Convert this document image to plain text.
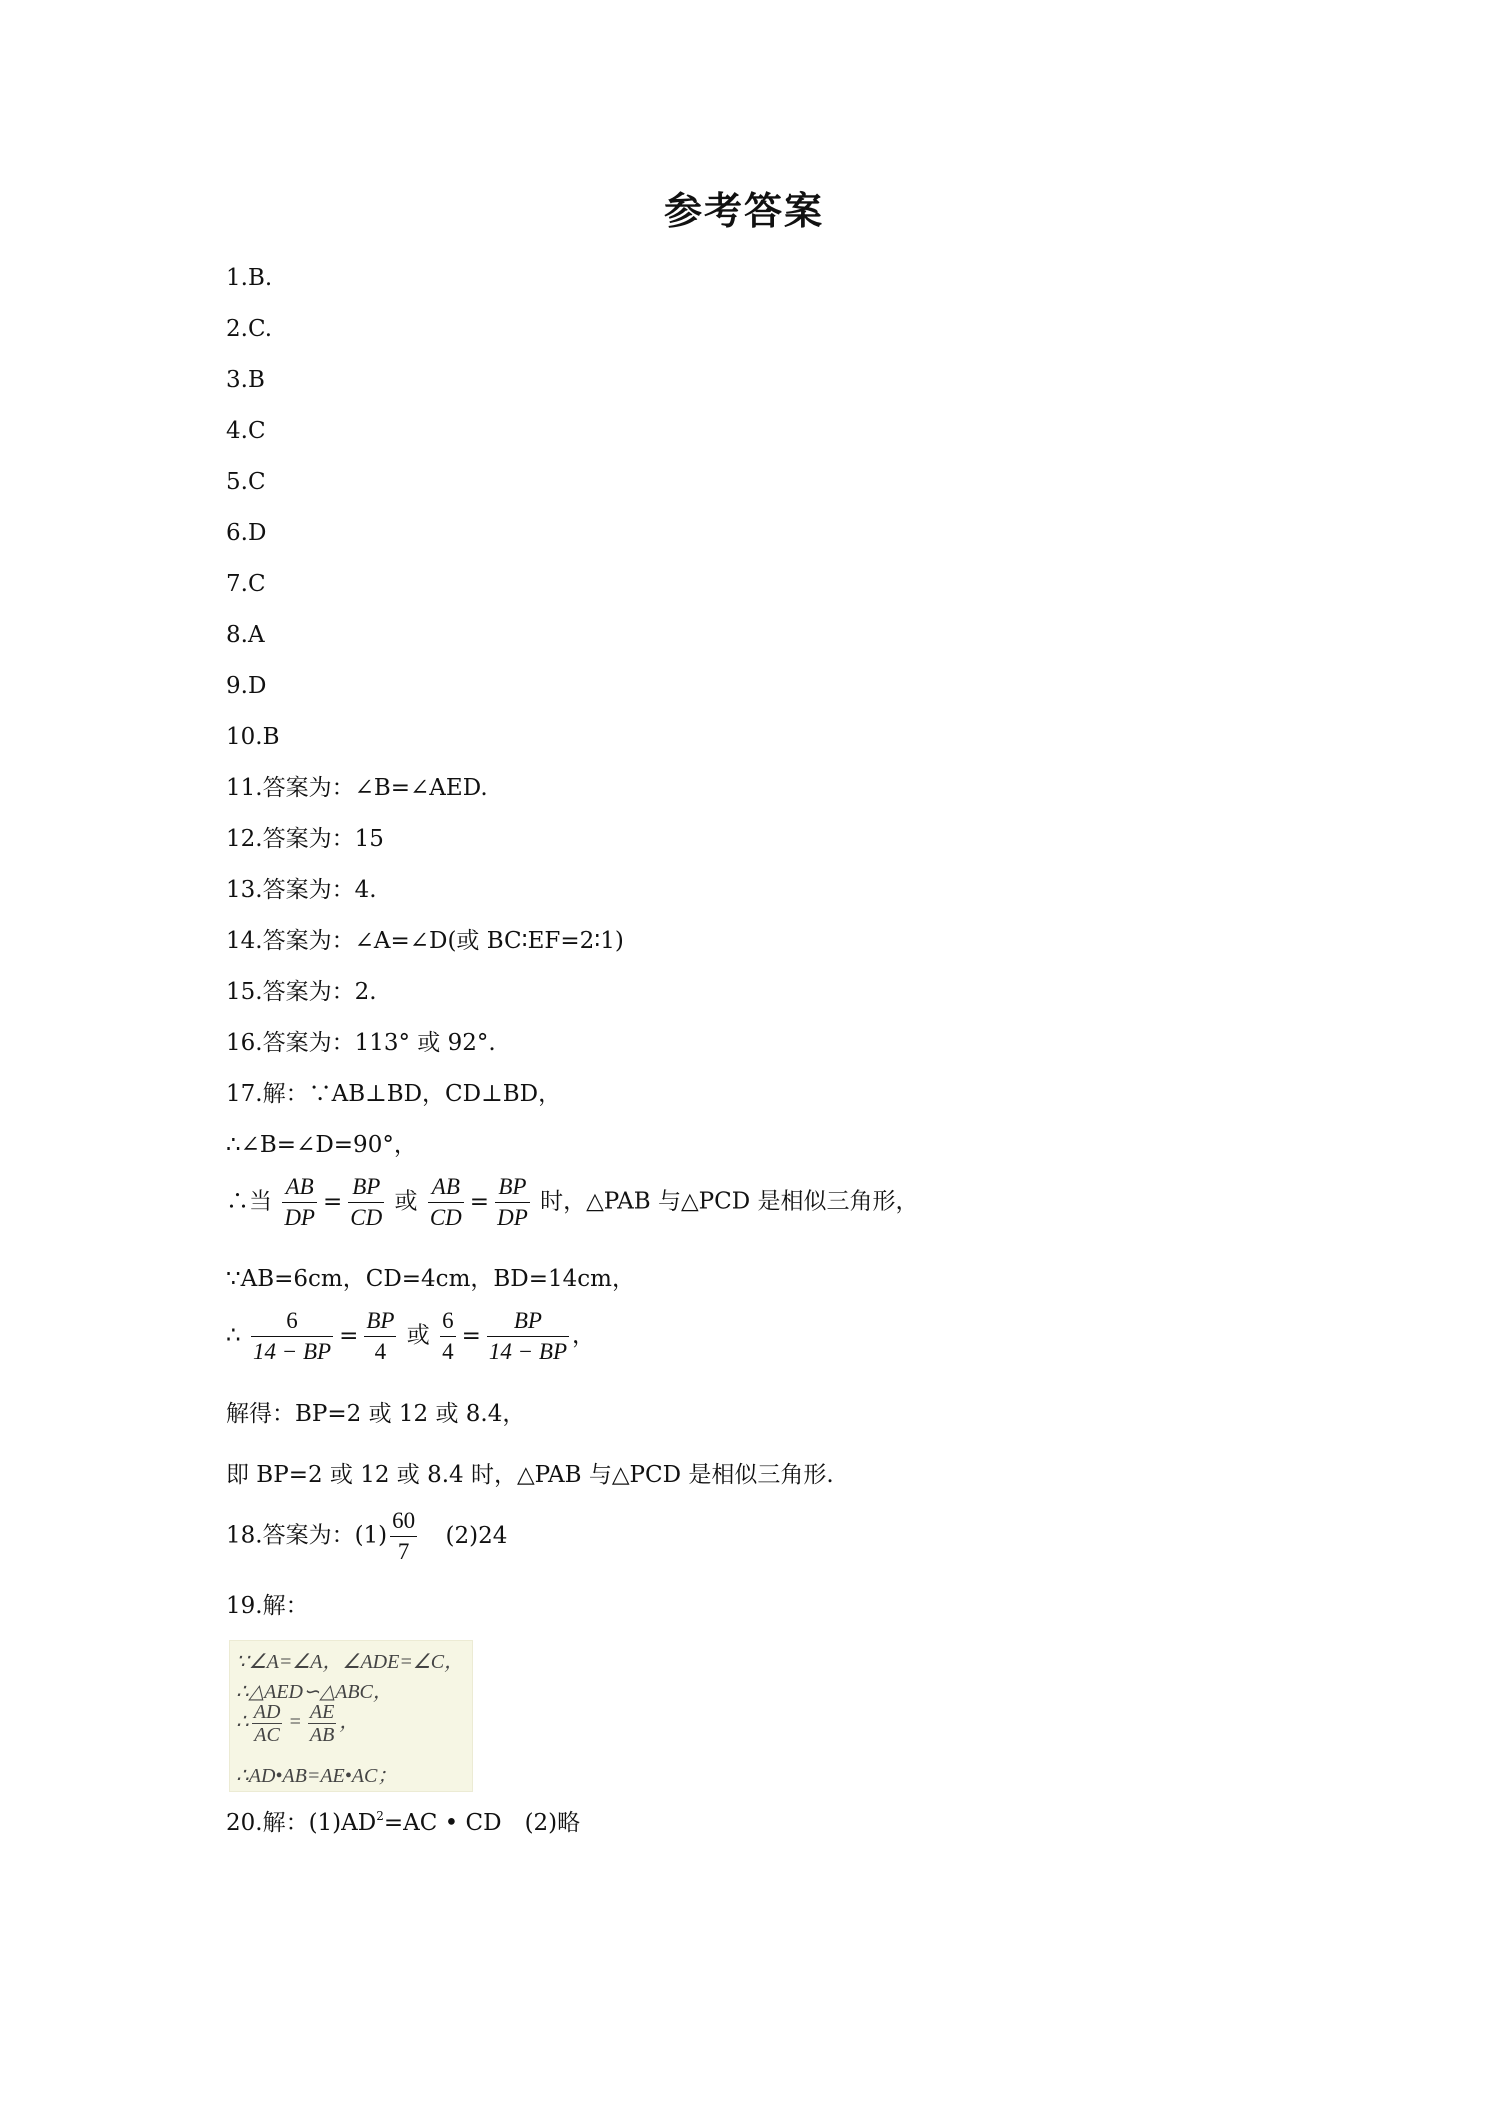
参考答案
1.B.
2.C.
3.B
4.C
5.C
6.D
7.C
8.A
9.D
10.B
11.答案为：∠B=∠AED.
12.答案为：15
13.答案为：4.
14.答案为：∠A=∠D(或 BC∶EF=2∶1)
15.答案为：2.
16.答案为：113° 或 92°.
17.解：∵AB⊥BD，CD⊥BD，
∴∠B=∠D=90°，
∴当 $\frac{AB}{DP} = \frac{BP}{CD}$ 或 $\frac{AB}{CD} = \frac{BP}{DP}$ 时，△PAB 与△PCD 是相似三角形，
∵AB=6cm，CD=4cm，BD=14cm，
∴ $\frac{6}{14 - BP} = \frac{BP}{4}$ 或 $\frac{6}{4} = \frac{BP}{14 - BP}$ ，
解得：BP=2 或 12 或 8.4，
即 BP=2 或 12 或 8.4 时，△PAB 与△PCD 是相似三角形.
18.答案为：$(1) \frac{60}{7} (2)24$
19.解：
∵∠A=∠A，∠ADE=∠C，
∴△AED∽△ABC，
∴ $\frac{AD}{AC} = \frac{AE}{AB}$ ，
∴AD•AB=AE•AC；
20.解：$(1)AD^2=AC$ • CD　(2)略
